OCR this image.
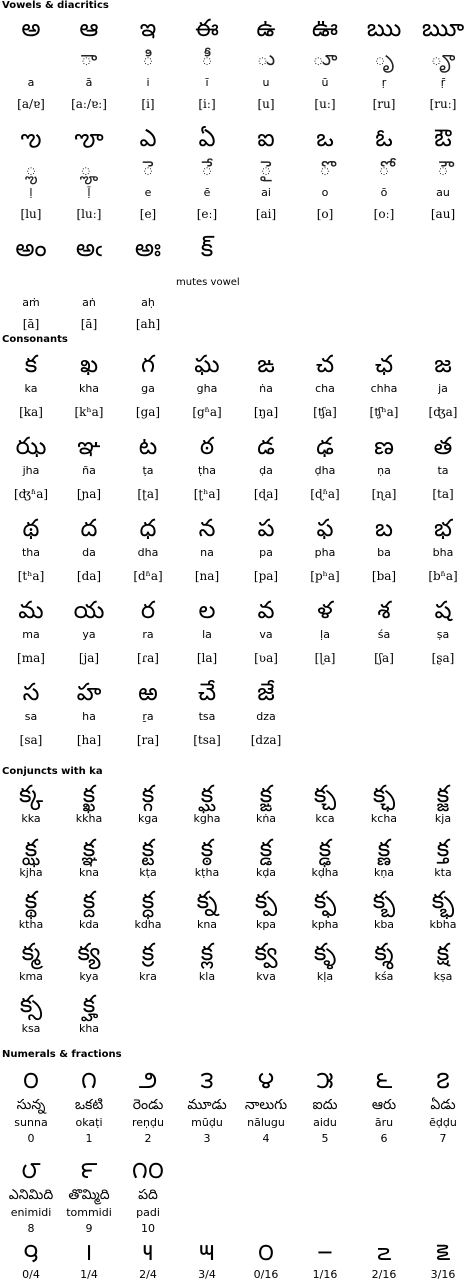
Vowels & diacritics
Consonants
Conjuncts with ka
Numerals & fractions
అ
a
[a/ɐ]
ఆ
◌ా
ā
[aː/ɐː]
ఇ
◌ి
i
[i]
ఈ
◌ీ
ī
[iː]
ఉ
◌ు
u
[u]
ఊ
◌ూ
ū
[uː]
ఋ
◌ృ
ṛ
[ru]
ౠ
◌ౄ
ṝ
[ruː]
ఌ
◌ౢ
ḷ
[lu]
ౡ
◌ౣ
ḹ
[luː]
ఎ
◌ె
e
[e]
ఏ
◌ే
ē
[eː]
ఐ
◌ై
ai
[ai]
ఒ
◌ొ
o
[o]
ఓ
◌ో
ō
[oː]
ఔ
◌ౌ
au
[au]
అం
aṁ
[ā]
అఁ
aṅ
[ā]
అః
aḥ
[ah]
క్
mutes vowel
క
ka
[ka]
ఖ
kha
[kʰa]
గ
ga
[ga]
ఘ
gha
[gʱa]
ఙ
ṅa
[ŋa]
చ
cha
[ʧa]
ఛ
chha
[ʧʰa]
జ
ja
[ʤa]
ఝ
jha
[ʤʱa]
ఞ
ña
[ɲa]
ట
ṭa
[ʈa]
ఠ
ṭha
[ʈʰa]
డ
ḍa
[ɖa]
ఢ
ḍha
[ɖʱa]
ణ
ṇa
[ɳa]
త
ta
[ta]
థ
tha
[tʰa]
ద
da
[da]
ధ
dha
[dʱa]
న
na
[na]
ప
pa
[pa]
ఫ
pha
[pʰa]
బ
ba
[ba]
భ
bha
[bʱa]
మ
ma
[ma]
య
ya
[ja]
ర
ra
[ɾa]
ల
la
[la]
వ
va
[ʋa]
ళ
ḷa
[ɭa]
శ
śa
[ʃa]
ష
ṣa
[ʂa]
స
sa
[sa]
హ
ha
[ha]
ఱ
ṟa
[ra]
చే
tsa
[tsa]
జే
dza
[dza]
క్క
kka
క్ఖ
kkha
క్గ
kga
క్ఘ
kgha
క్ఙ
kṅa
క్చ
kca
క్ఛ
kcha
క్జ
kja
క్ఝ
kjha
క్ఞ
kna
క్ట
kṭa
క్ఠ
kṭha
క్డ
kḍa
క్ఢ
kḍha
క్ణ
kṇa
క్త
kta
క్థ
ktha
క్ద
kda
క్ధ
kdha
క్న
kna
క్ప
kpa
క్ఫ
kpha
క్బ
kba
క్భ
kbha
క్మ
kma
క్య
kya
క్ర
kra
క్ల
kla
క్వ
kva
క్ళ
kḷa
క్శ
kśa
క్ష
kṣa
క్స
ksa
క్హ
kha
౦
సున్న
sunna
0
౧
ఒకటి
okaṭi
1
౨
రెండు
reṇḍu
2
౩
మూడు
mūḍu
3
౪
నాలుగు
nālugu
4
౫
ఐదు
aidu
5
౬
ఆరు
āru
6
౭
ఏడు
ēḍḍu
7
౮
ఎనిమిది
enimidi
8
౯
తొమ్మిది
tommidi
9
౧౦
పది
padi
10
౸
0/4
౹
1/4
౺
2/4
౻
3/4
౦
0/16
౼
1/16
౽
2/16
౾
3/16
